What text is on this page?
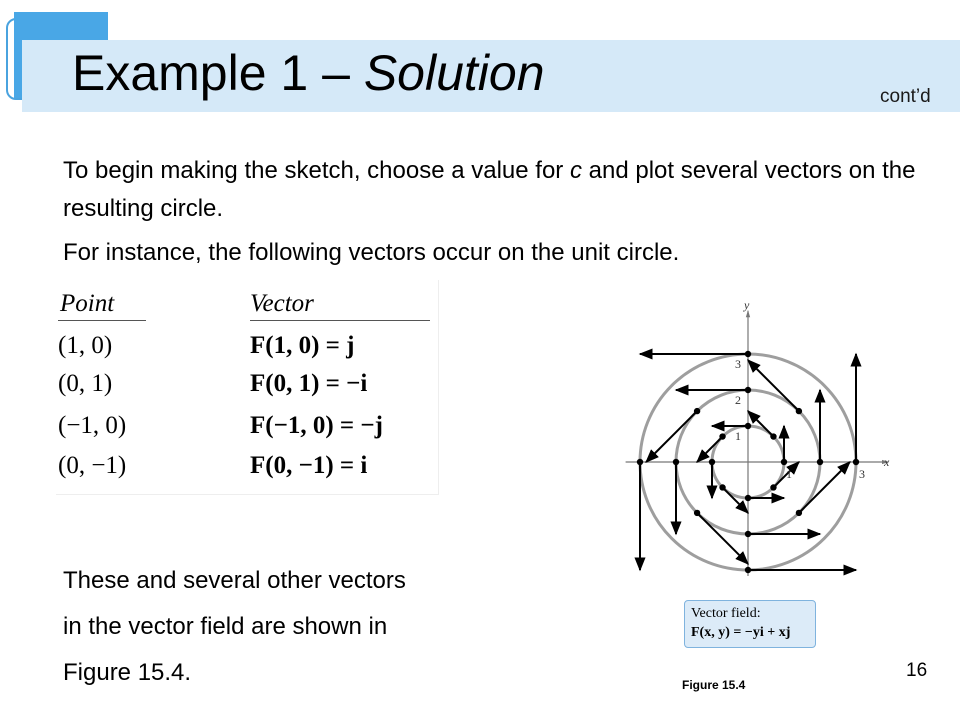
Example 1 – Solution	cont’d

To begin making the sketch, choose a value for c and plot several vectors on the resulting circle.

For instance, the following vectors occur on the unit circle.

Point	Vector
(1, 0)	F(1, 0) = j
(0, 1)	F(0, 1) = −i
(−1, 0)	F(−1, 0) = −j
(0, −1)	F(0, −1) = i

These and several other vectors
in the vector field are shown in
Figure 15.4.

x
y
1
2
3
1	3
Vector field:
F(x, y) = −yi + xj
Figure 15.4
16
